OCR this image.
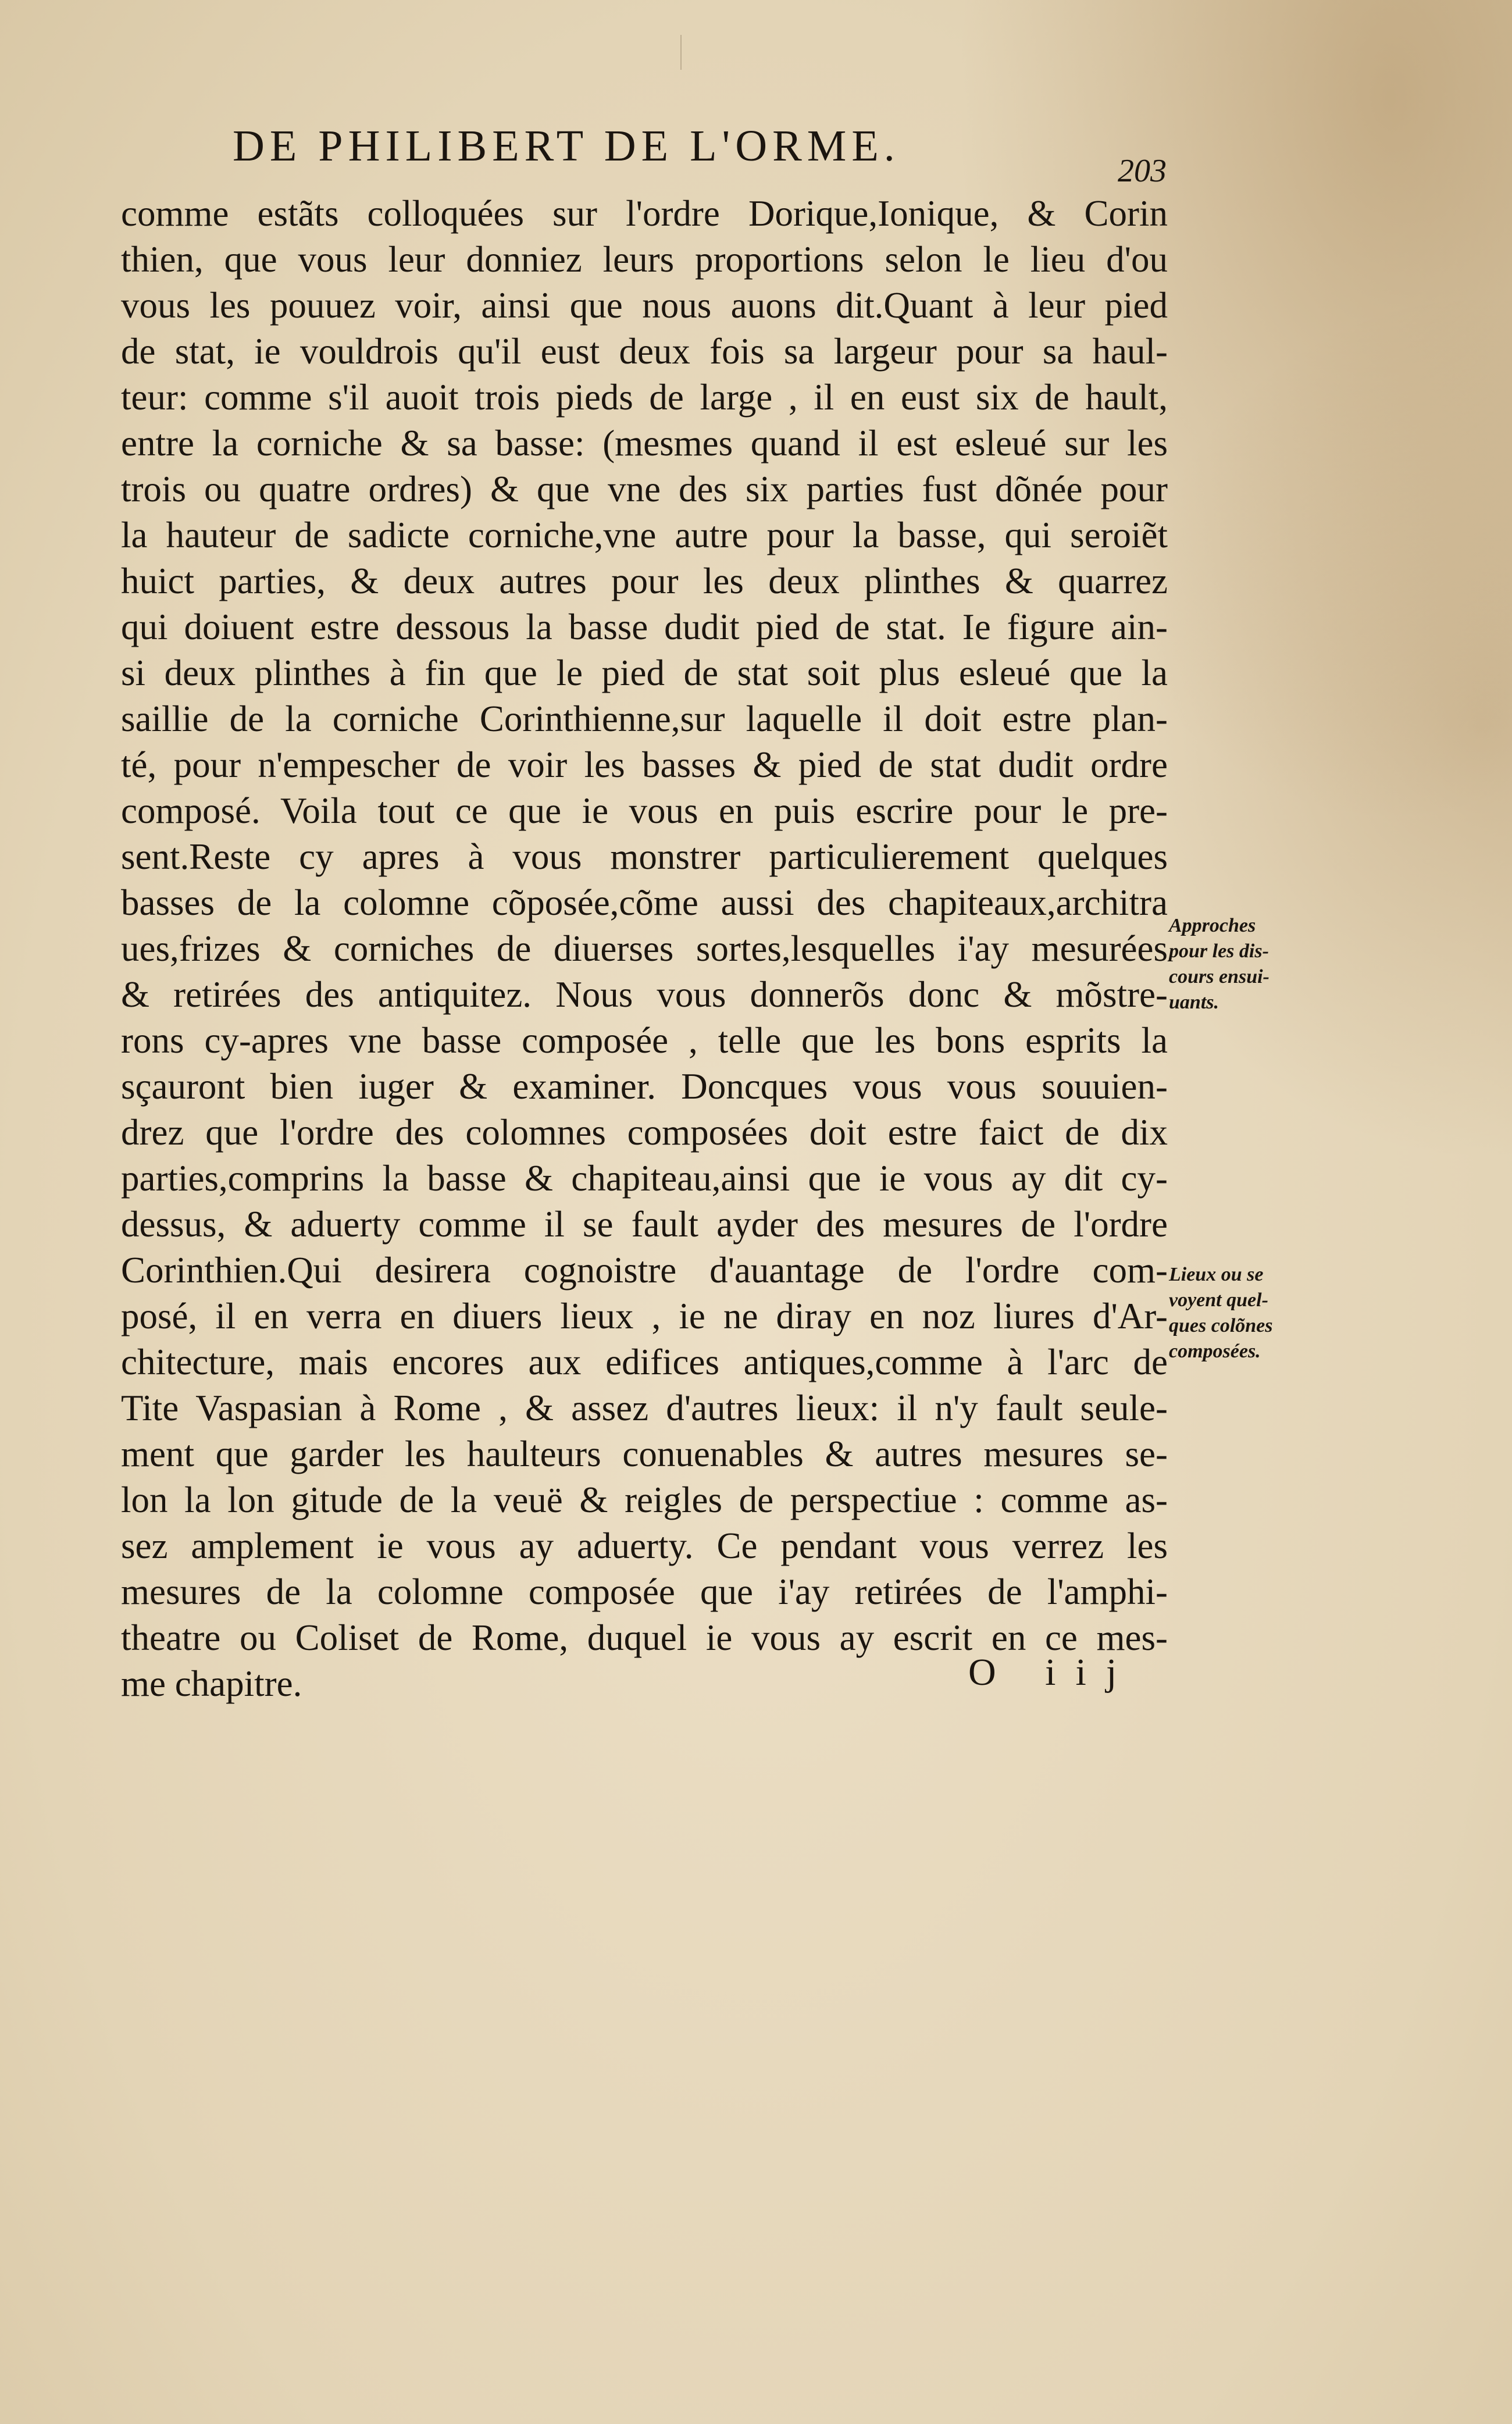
DE PHILIBERT DE L'ORME.
203
comme estãts colloquées sur l'ordre Dorique,Ionique, & Corin
thien, que vous leur donniez leurs proportions selon le lieu d'ou
vous les pouuez voir, ainsi que nous auons dit.Quant à leur pied
de stat, ie vouldrois qu'il eust deux fois sa largeur pour sa haul-
teur: comme s'il auoit trois pieds de large , il en eust six de hault,
entre la corniche & sa basse: (mesmes quand il est esleué sur les
trois ou quatre ordres) & que vne des six parties fust dõnée pour
la hauteur de sadicte corniche,vne autre pour la basse, qui seroiẽt
huict parties, & deux autres pour les deux plinthes & quarrez
qui doiuent estre dessous la basse dudit pied de stat. Ie figure ain-
si deux plinthes à fin que le pied de stat soit plus esleué que la
saillie de la corniche Corinthienne,sur laquelle il doit estre plan-
té, pour n'empescher de voir les basses & pied de stat dudit ordre
composé. Voila tout ce que ie vous en puis escrire pour le pre-
sent.Reste cy apres à vous monstrer particulierement quelques
basses de la colomne cõposée,cõme aussi des chapiteaux,architra
ues,frizes & corniches de diuerses sortes,lesquelles i'ay mesurées
& retirées des antiquitez. Nous vous donnerõs donc & mõstre-
rons cy-apres vne basse composée , telle que les bons esprits la
sçauront bien iuger & examiner. Doncques vous vous souuien-
drez que l'ordre des colomnes composées doit estre faict de dix
parties,comprins la basse & chapiteau,ainsi que ie vous ay dit cy-
dessus, & aduerty comme il se fault ayder des mesures de l'ordre
Corinthien.Qui desirera cognoistre d'auantage de l'ordre com-
posé, il en verra en diuers lieux , ie ne diray en noz liures d'Ar-
chitecture, mais encores aux edifices antiques,comme à l'arc de
Tite Vaspasian à Rome , & assez d'autres lieux: il n'y fault seule-
ment que garder les haulteurs conuenables & autres mesures se-
lon la lon gitude de la veuë & reigles de perspectiue : comme as-
sez amplement ie vous ay aduerty. Ce pendant vous verrez les
mesures de la colomne composée que i'ay retirées de l'amphi-
theatre ou Coliset de Rome, duquel ie vous ay escrit en ce mes-
me chapitre.
Approches
pour les dis-
cours ensui-
uants.
Lieux ou se
voyent quel-
ques colõnes
composées.
O iij
